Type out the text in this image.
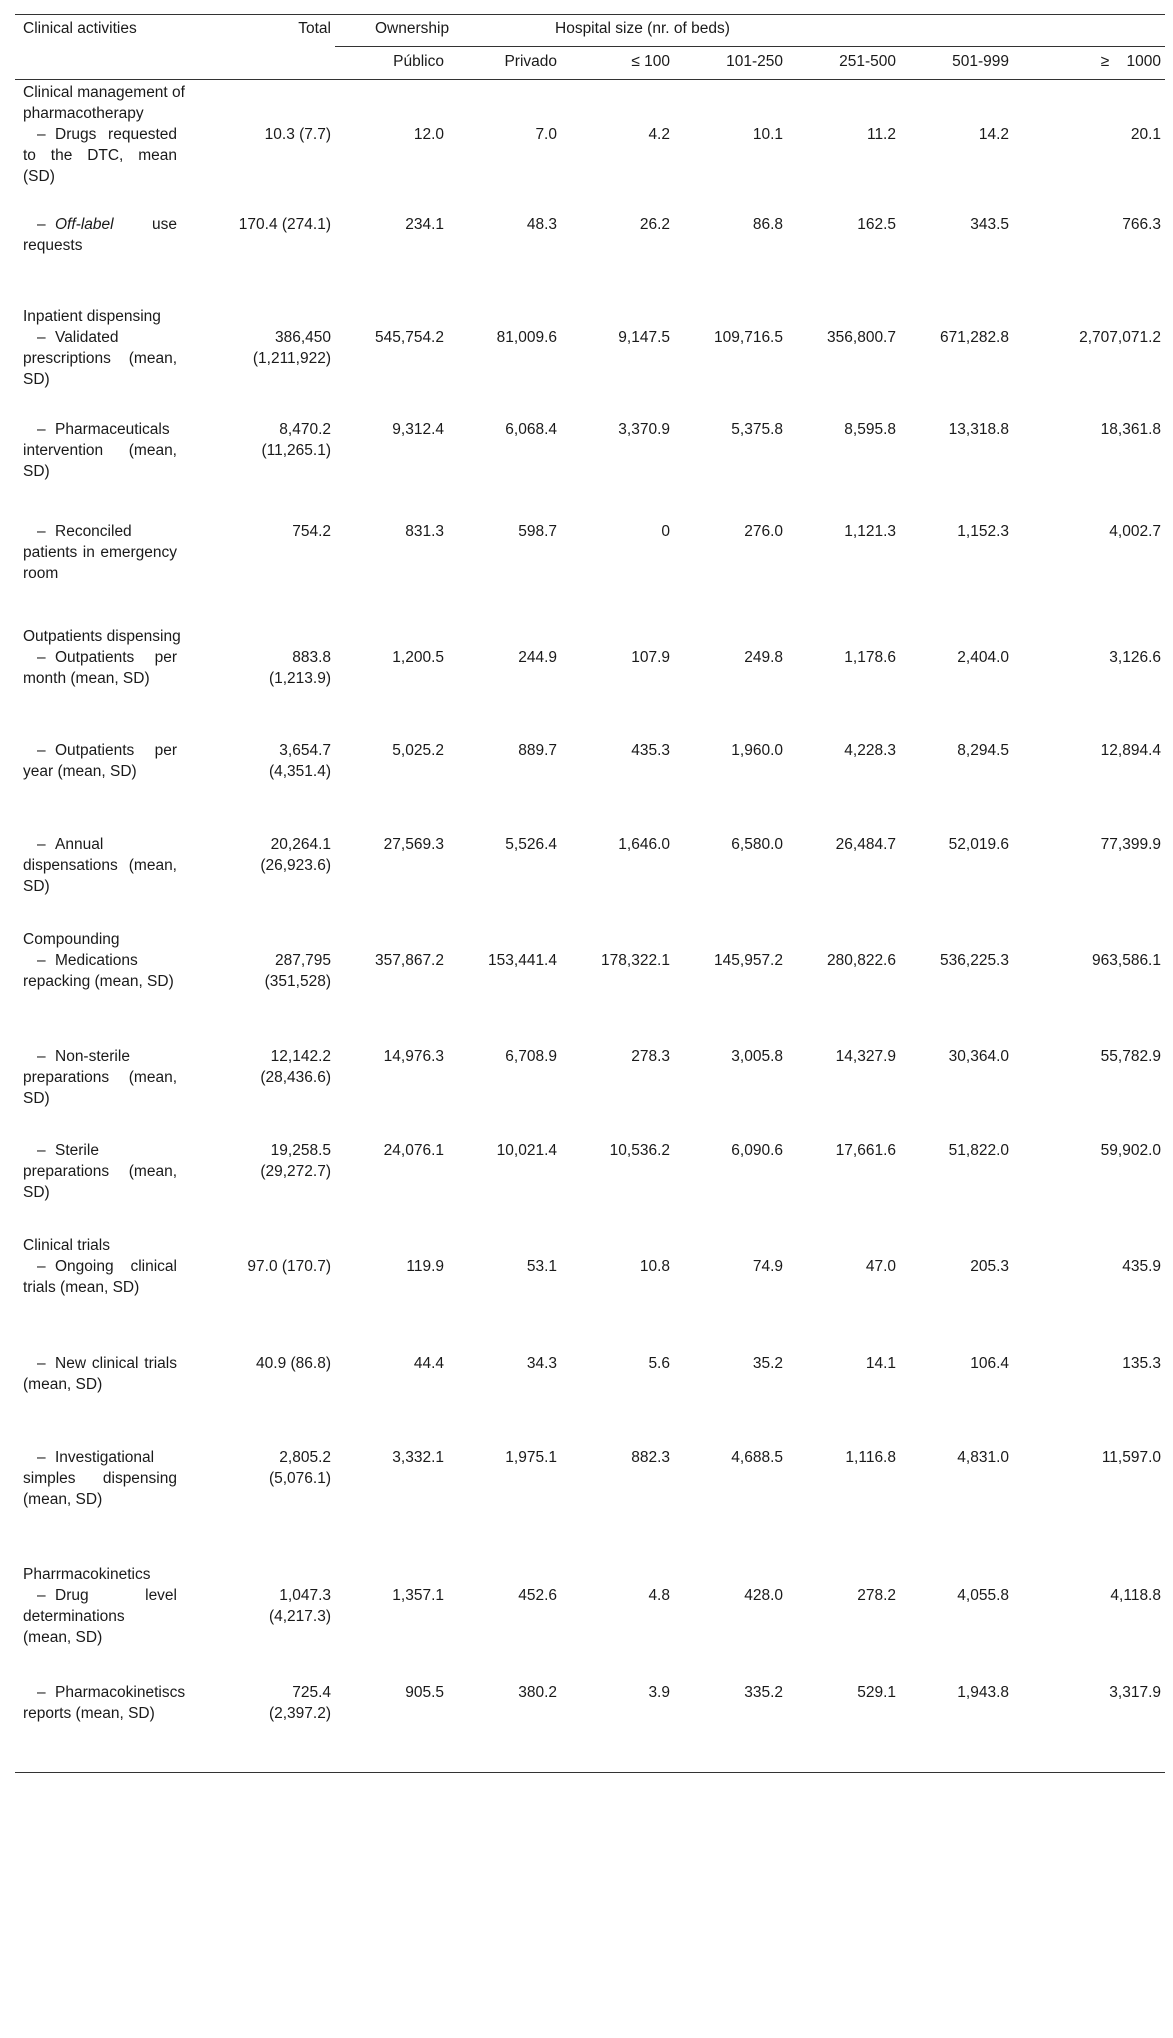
Clinical activities	Total	Ownership		Hospital size (nr. of beds)				
		Público	Privado	≤ 100	101-250	251-500	501-999	≥    1000

Clinical management of pharmacotherapy								

– Drugs requested to the DTC, mean (SD)	10.3 (7.7)	12.0	7.0	4.2	10.1	11.2	14.2	20.1

– Off-label use requests	170.4 (274.1)	234.1	48.3	26.2	86.8	162.5	343.5	766.3

Inpatient dispensing								

– Validated prescriptions (mean, SD)	386,450 (1,211,922)	545,754.2	81,009.6	9,147.5	109,716.5	356,800.7	671,282.8	2,707,071.2

– Pharmaceuticals intervention (mean, SD)	8,470.2 (11,265.1)	9,312.4	6,068.4	3,370.9	5,375.8	8,595.8	13,318.8	18,361.8

– Reconciled patients in emergency room	754.2	831.3	598.7	0	276.0	1,121.3	1,152.3	4,002.7

Outpatients dispensing								

– Outpatients per month (mean, SD)	883.8 (1,213.9)	1,200.5	244.9	107.9	249.8	1,178.6	2,404.0	3,126.6

– Outpatients per year (mean, SD)	3,654.7 (4,351.4)	5,025.2	889.7	435.3	1,960.0	4,228.3	8,294.5	12,894.4

– Annual dispensations (mean, SD)	20,264.1 (26,923.6)	27,569.3	5,526.4	1,646.0	6,580.0	26,484.7	52,019.6	77,399.9

Compounding								

– Medications repacking (mean, SD)	287,795 (351,528)	357,867.2	153,441.4	178,322.1	145,957.2	280,822.6	536,225.3	963,586.1

– Non-sterile preparations (mean, SD)	12,142.2 (28,436.6)	14,976.3	6,708.9	278.3	3,005.8	14,327.9	30,364.0	55,782.9

– Sterile preparations (mean, SD)	19,258.5 (29,272.7)	24,076.1	10,021.4	10,536.2	6,090.6	17,661.6	51,822.0	59,902.0

Clinical trials								

– Ongoing clinical trials (mean, SD)	97.0 (170.7)	119.9	53.1	10.8	74.9	47.0	205.3	435.9

– New clinical trials (mean, SD)	40.9 (86.8)	44.4	34.3	5.6	35.2	14.1	106.4	135.3

– Investigational simples dispensing (mean, SD)	2,805.2 (5,076.1)	3,332.1	1,975.1	882.3	4,688.5	1,116.8	4,831.0	11,597.0

Pharrmacokinetics								

– Drug level determinations (mean, SD)	1,047.3 (4,217.3)	1,357.1	452.6	4.8	428.0	278.2	4,055.8	4,118.8

– Pharmacokinetiscs reports (mean, SD)	725.4 (2,397.2)	905.5	380.2	3.9	335.2	529.1	1,943.8	3,317.9
